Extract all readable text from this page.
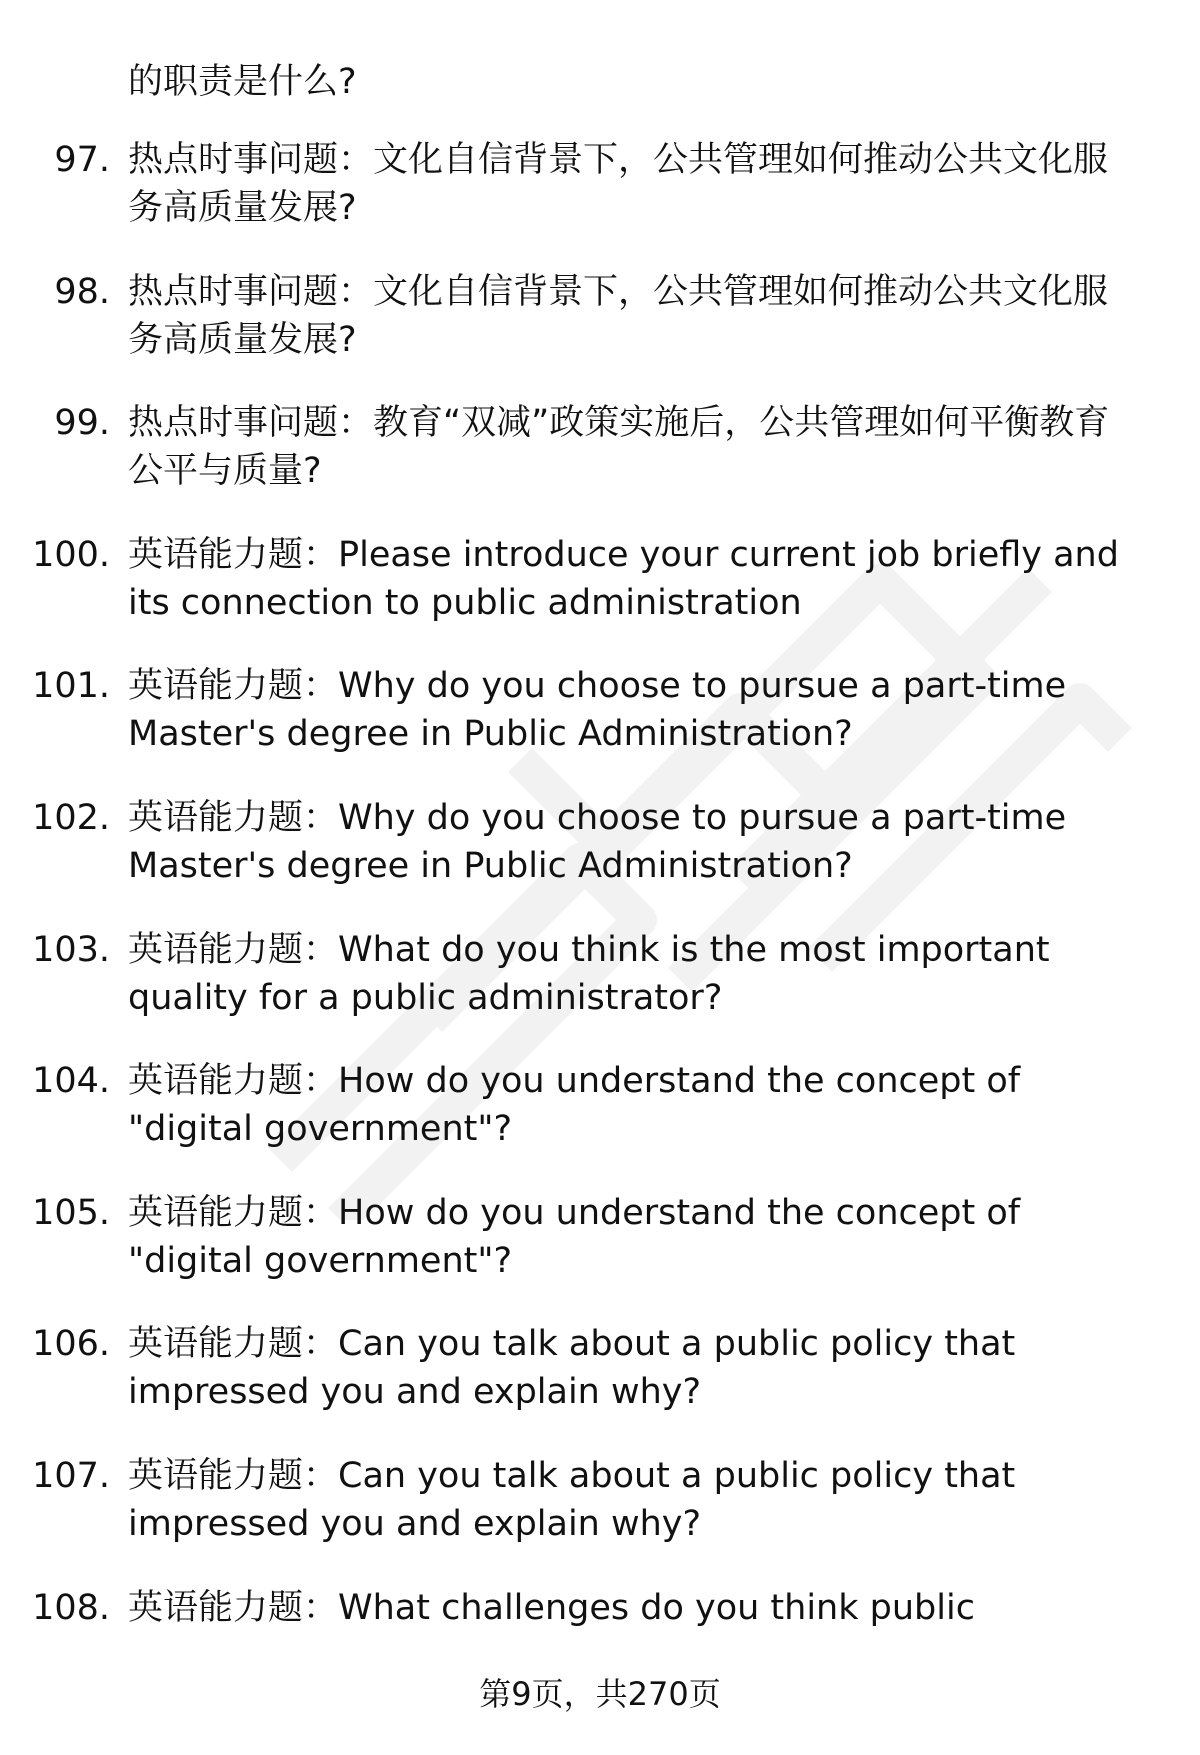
的职责是什么?
97. 热点时事问题：文化自信背景下，公共管理如何推动公共文化服务高质量发展?
98. 热点时事问题：文化自信背景下，公共管理如何推动公共文化服务高质量发展?
99. 热点时事问题：教育“双减”政策实施后，公共管理如何平衡教育公平与质量?
100. 英语能力题：Please introduce your current job briefly and its connection to public administration
101. 英语能力题：Why do you choose to pursue a part-time Master's degree in Public Administration?
102. 英语能力题：Why do you choose to pursue a part-time Master's degree in Public Administration?
103. 英语能力题：What do you think is the most important quality for a public administrator?
104. 英语能力题：How do you understand the concept of "digital government"?
105. 英语能力题：How do you understand the concept of "digital government"?
106. 英语能力题：Can you talk about a public policy that impressed you and explain why?
107. 英语能力题：Can you talk about a public policy that impressed you and explain why?
108. 英语能力题：What challenges do you think public
第9页，共270页
